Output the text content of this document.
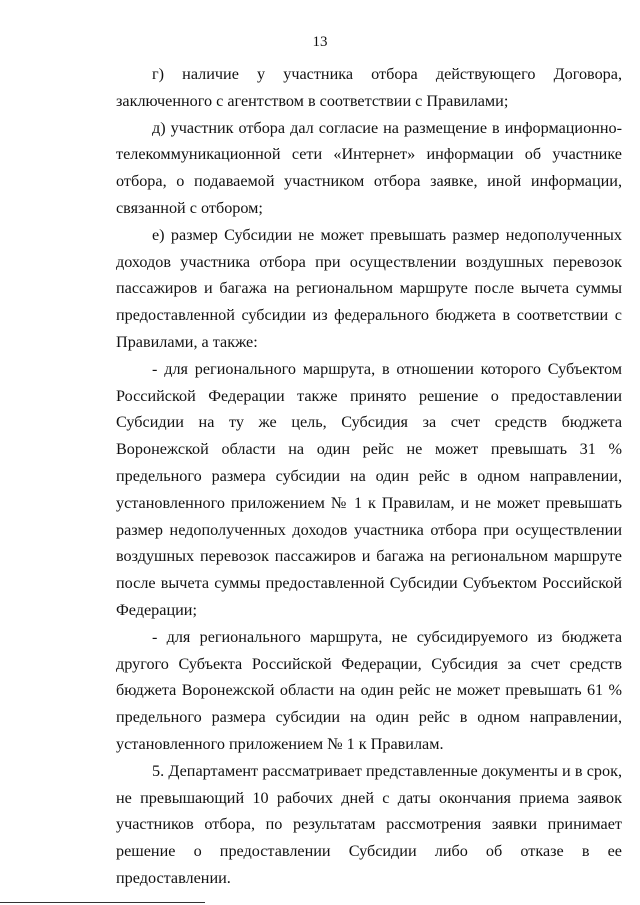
13

г) наличие у участника отбора действующего Договора, заключенного с агентством в соответствии с Правилами;

д) участник отбора дал согласие на размещение в информационно-телекоммуникационной сети «Интернет» информации об участнике отбора, о подаваемой участником отбора заявке, иной информации, связанной с отбором;

е) размер Субсидии не может превышать размер недополученных доходов участника отбора при осуществлении воздушных перевозок пассажиров и багажа на региональном маршруте после вычета суммы предоставленной субсидии из федерального бюджета в соответствии с Правилами, а также:

- для регионального маршрута, в отношении которого Субъектом Российской Федерации также принято решение о предоставлении Субсидии на ту же цель, Субсидия за счет средств бюджета Воронежской области на один рейс не может превышать 31 % предельного размера субсидии на один рейс в одном направлении, установленного приложением № 1 к Правилам, и не может превышать размер недополученных доходов участника отбора при осуществлении воздушных перевозок пассажиров и багажа на региональном маршруте после вычета суммы предоставленной Субсидии Субъектом Российской Федерации;

- для регионального маршрута, не субсидируемого из бюджета другого Субъекта Российской Федерации, Субсидия за счет средств бюджета Воронежской области на один рейс не может превышать 61 % предельного размера субсидии на один рейс в одном направлении, установленного приложением № 1 к Правилам.

5. Департамент рассматривает представленные документы и в срок, не превышающий 10 рабочих дней с даты окончания приема заявок участников отбора, по результатам рассмотрения заявки принимает решение о предоставлении Субсидии либо об отказе в ее предоставлении.
